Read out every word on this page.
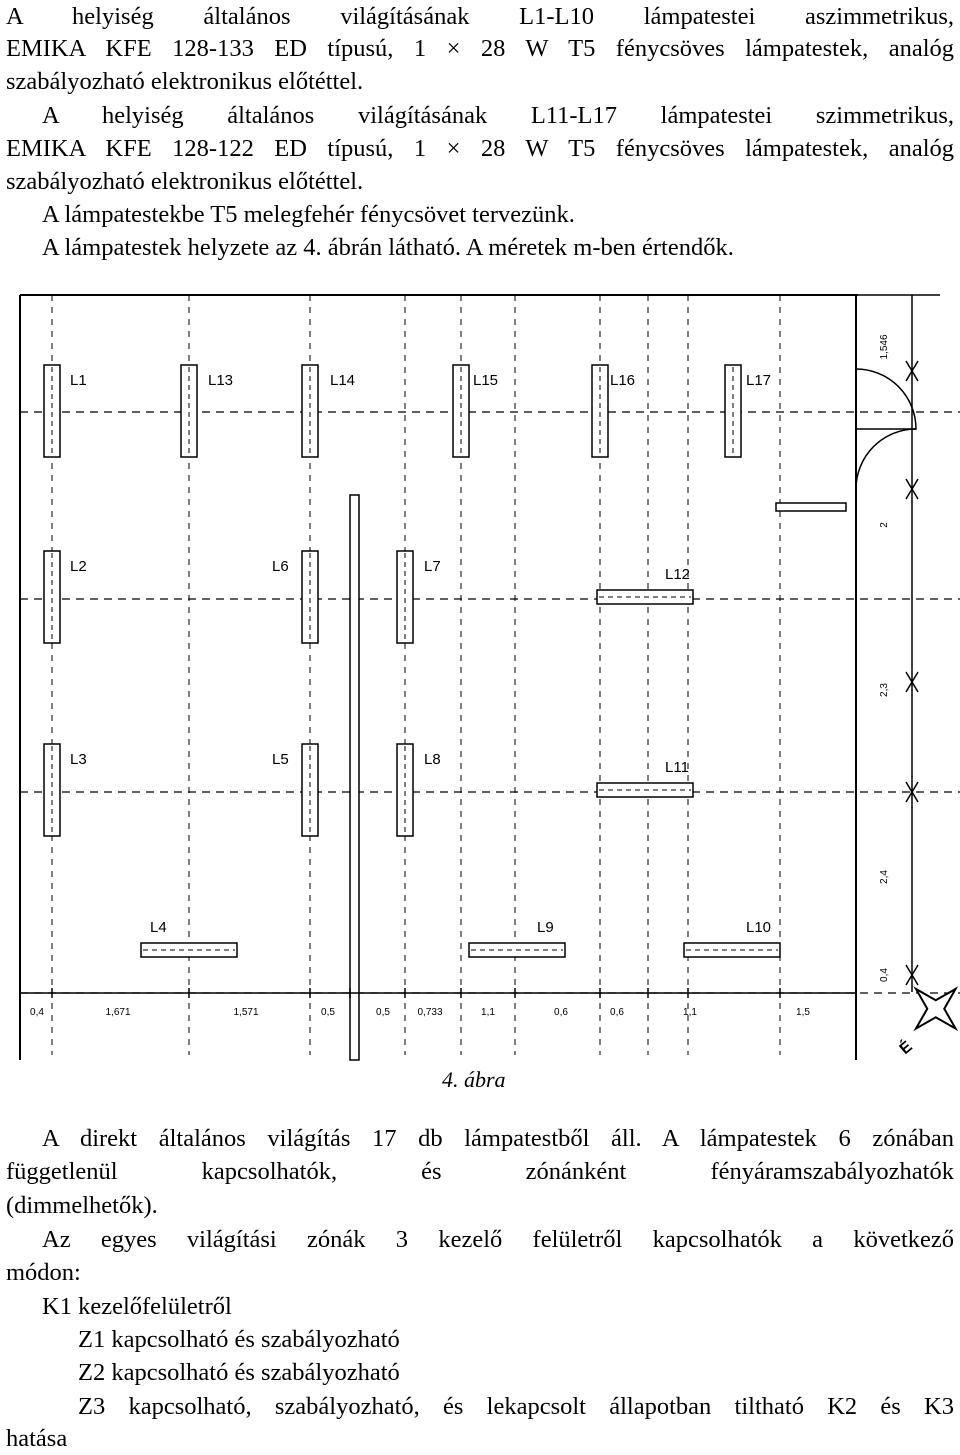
A helyiség általános világításának L1-L10 lámpatestei aszimmetrikus,

EMIKA KFE 128-133 ED típusú, 1 × 28 W T5 fénycsöves lámpatestek, analóg

szabályozható elektronikus előtéttel.

A helyiség általános világításának L11-L17 lámpatestei szimmetrikus,

EMIKA KFE 128-122 ED típusú, 1 × 28 W T5 fénycsöves lámpatestek, analóg

szabályozható elektronikus előtéttel.

A lámpatestekbe T5 melegfehér fénycsövet tervezünk.

A lámpatestek helyzete az 4. ábrán látható. A méretek m-ben értendők.

L1	L13	L14	L15	L16	L17
L2	L6	L7	L12
L3	L5	L8	L11
L4	L9	L10
0,4	1,671	1,571	0,5	0,5	0,733	1,1	0,6	0,6	1,1	1,5
1,546
2
2,3
2,4
0,4
É

4. ábra

A direkt általános világítás 17 db lámpatestből áll. A lámpatestek 6 zónában

függetlenül kapcsolhatók, és zónánként fényáramszabályozhatók

(dimmelhetők).

Az egyes világítási zónák 3 kezelő felületről kapcsolhatók a következő

módon:

K1 kezelőfelületről

Z1 kapcsolható és szabályozható

Z2 kapcsolható és szabályozható

Z3 kapcsolható, szabályozható, és lekapcsolt állapotban tiltható K2 és K3

hatása
